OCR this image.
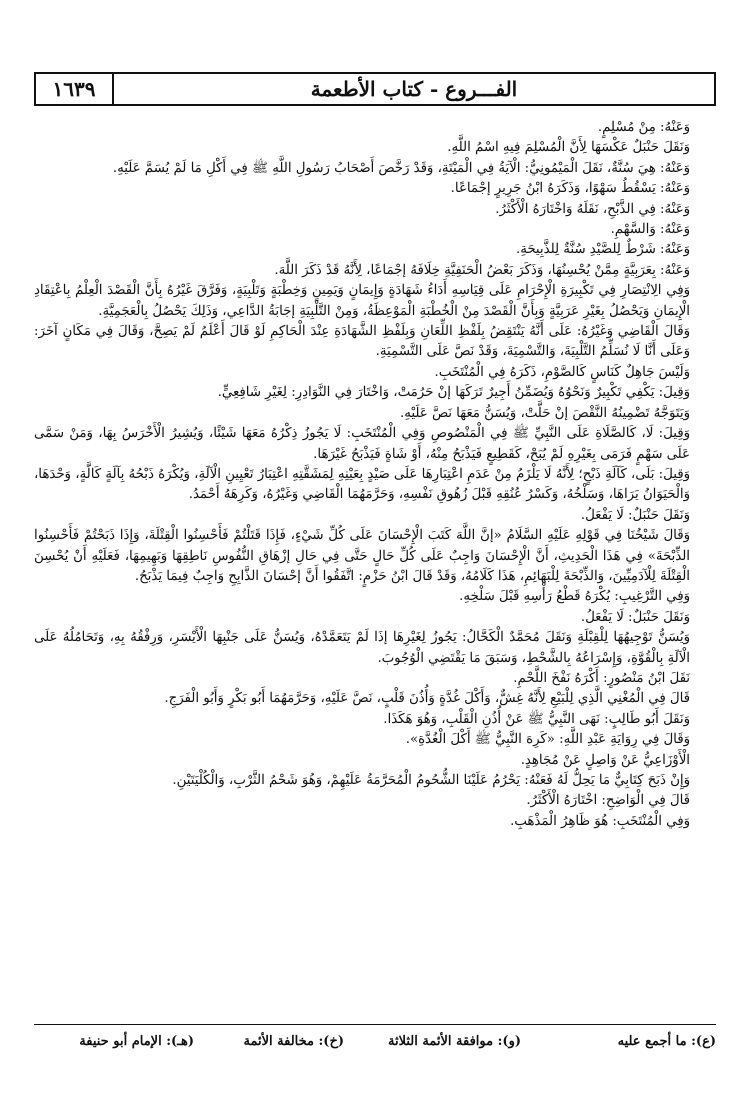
١٦٣٩	الفـــروع - كتاب الأطعمة

وَعَنْهُ: مِنْ مُسْلِمٍ.

وَنَقَلَ حَنْبَلٌ عَكْسَهَا لِأَنَّ الْمُسْلِمَ فِيهِ اسْمُ اللَّهِ.

وَعَنْهُ: هِيَ سُنَّةٌ، نَقَلَ الْمَيْمُونِيُّ: الْآيَةُ فِي الْمَيْتَةِ، وَقَدْ رَخَّصَ أَصْحَابُ رَسُولِ اللَّهِ ﷺ فِي أَكْلِ مَا لَمْ يُسَمَّ عَلَيْهِ.

وَعَنْهُ: يَسْقُطُ سَهْوًا، وَذَكَرَهُ ابْنُ جَرِيرٍ إجْمَاعًا.

وَعَنْهُ: فِي الذَّبْحِ، نَقَلَهُ وَاخْتَارَهُ الْأَكْثَرُ.

وَعَنْهُ: وَالسَّهْمِ.

وَعَنْهُ: شَرْطٌ لِلصَّيْدِ سُنَّةٌ لِلذَّبِيحَةِ.

وَعَنْهُ: بِعَرَبِيَّةٍ مِمَّنْ يُحْسِنُهَا، وَذَكَرَ بَعْضُ الْحَنَفِيَّةِ خِلَافَهُ إجْمَاعًا، لِأَنَّهُ قَدْ ذَكَرَ اللَّهَ.

وَفِي الِانْتِصَارِ فِي تَكْبِيرَةِ الْإِحْرَامِ عَلَى قِيَاسِهِ أَدَاءُ شَهَادَةٍ وَإِيمَانٍ وَيَمِينٍ وَخِطْبَةٍ وَتَلْبِيَةٍ، وَفَرَّقَ غَيْرُهُ بِأَنَّ الْقَصْدَ الْعِلْمُ بِاعْتِقَادِ الْإِيمَانِ وَيَحْصُلُ بِغَيْرِ عَرَبِيَّةٍ وَبِأَنَّ الْقَصْدَ مِنْ الْخُطْبَةِ الْمَوْعِظَةُ، وَمِنْ التَّلْبِيَةِ إجَابَةُ الدَّاعِي، وَذَلِكَ يَحْصُلُ بِالْعَجَمِيَّةِ.

وَقَالَ الْقَاضِي وَغَيْرُهُ: عَلَى أَنَّهُ يَنْتَقِضُ بِلَفْظِ اللِّعَانِ وَبِلَفْظِ الشَّهَادَةِ عِنْدَ الْحَاكِمِ لَوْ قَالَ أَعْلَمُ لَمْ يَصِحَّ، وَقَالَ فِي مَكَانٍ آخَرَ: وَعَلَى أَنَّا لَا نُسَلِّمُ التَّلْبِيَةَ، وَالتَّسْمِيَةَ، وَقَدْ نَصَّ عَلَى التَّسْمِيَةِ.

وَلَيْسَ جَاهِلٌ كَنَاسٍ كَالصَّوْمِ، ذَكَرَهُ فِي الْمُنْتَخَبِ.

وَقِيلَ: يَكْفِي تَكْبِيرٌ وَنَحْوُهُ وَيُضَمِّنُ أَجِيرٌ تَرَكَهَا إنْ حَرُمَتْ، وَاخْتَارَ فِي النَّوَادِرِ: لِغَيْرِ شَافِعِيٍّ.

وَيَتَوَجَّهُ تَضْمِينُهُ النَّقْصَ إنْ حَلَّتْ، وَيُسَنُّ مَعَهَا نَصَّ عَلَيْهِ.

وَقِيلَ: لَا، كَالصَّلَاةِ عَلَى النَّبِيِّ ﷺ فِي الْمَنْصُوصِ وَفِي الْمُنْتَخَبِ: لَا يَجُوزُ ذِكْرُهُ مَعَهَا شَيْئًا، وَيُشِيرُ الْأَخْرَسُ بِهَا، وَمَنْ سَمَّى عَلَى سَهْمٍ فَرَمَى بِغَيْرِهِ لَمْ يُبَحْ، كَقَطِيعٍ فَيَذْبَحُ مِنْهُ، أَوْ شَاةٍ فَيَذْبَحُ غَيْرَهَا.

وَقِيلَ: بَلَى، كَآلَةِ ذَبْحٍ؛ لِأَنَّهُ لَا يَلْزَمُ مِنْ عَدَمِ اعْتِبَارِهَا عَلَى صَيْدٍ بِعَيْنِهِ لِمَشَقَّتِهِ اعْتِبَارُ تَعْيِينِ الْآلَةِ، وَيُكْرَهُ ذَبْحُهُ بِآلَةٍ كَالَّةٍ، وَحْدَهَا، وَالْحَيَوَانُ يَرَاهَا، وَسَلْخُهُ، وَكَسْرُ عُنُقِهِ قَبْلَ زُهُوقِ نَفْسِهِ، وَحَرَّمَهُمَا الْقَاضِي وَغَيْرُهُ، وَكَرِهَهُ أَحْمَدُ.

وَنَقَلَ حَنْبَلٌ: لَا يَفْعَلُ.

وَقَالَ شَيْخُنَا فِي قَوْلِهِ عَلَيْهِ السَّلَامُ «إنَّ اللَّهَ كَتَبَ الْإِحْسَانَ عَلَى كُلِّ شَيْءٍ، فَإِذَا قَتَلْتُمْ فَأَحْسِنُوا الْقِتْلَةَ، وَإِذَا ذَبَحْتُمْ فَأَحْسِنُوا الذِّبْحَةَ» فِي هَذَا الْحَدِيثِ، أَنَّ الْإِحْسَانَ وَاجِبٌ عَلَى كُلِّ حَالٍ حَتَّى فِي حَالِ إزْهَاقِ النُّفُوسِ نَاطِقِهَا وَبَهِيمِهَا، فَعَلَيْهِ أَنْ يُحْسِنَ الْقِتْلَةَ لِلْآدَمِيِّينَ، وَالذِّبْحَةَ لِلْبَهَائِمِ، هَذَا كَلَامُهُ، وَقَدْ قَالَ ابْنُ حَزْمٍ: اتَّفَقُوا أَنَّ إحْسَانَ الذَّابِحِ وَاجِبٌ فِيمَا يَذْبَحُ.

وَفِي التَّرْغِيبِ: يُكْرَهُ قَطْعُ رَأْسِهِ قَبْلَ سَلْخِهِ.

وَنَقَلَ حَنْبَلٌ: لَا يَفْعَلُ.

وَيُسَنُّ تَوْجِيهُهَا لِلْقِبْلَةِ وَنَقَلَ مُحَمَّدٌ الْكَحَّالُ: يَجُوزُ لِغَيْرِهَا إذَا لَمْ يَتَعَمَّدْهُ، وَيُسَنُّ عَلَى جَنْبِهَا الْأَيْسَرِ، وَرِفْقُهُ بِهِ، وَتَحَامُلُهُ عَلَى الْآلَةِ بِالْقُوَّةِ، وَإِسْرَاعُهُ بِالشَّحْطِ، وَسَبَقَ مَا يَقْتَضِي الْوُجُوبَ.

نَقَلَ ابْنُ مَنْصُورٍ: أَكْرَهُ نَفْخَ اللَّحْمِ.

قَالَ فِي الْمُغْنِي الَّذِي لِلْبَيْعِ لِأَنَّهُ غِشٌّ، وَأَكْلَ غُدَّةٍ وَأُذُنَ قَلْبٍ، نَصَّ عَلَيْهِ، وَحَرَّمَهُمَا أَبُو بَكْرٍ وَأَبُو الْفَرَجِ.

وَنَقَلَ أَبُو طَالِبٍ: نَهَى النَّبِيُّ ﷺ عَنْ أُذُنِ الْقَلْبِ، وَهُوَ هَكَذَا.

وَقَالَ فِي رِوَايَةِ عَبْدِ اللَّهِ: «كَرِهَ النَّبِيُّ ﷺ أَكْلَ الْغُدَّةِ».

الْأَوْزَاعِيُّ عَنْ وَاصِلٍ عَنْ مُجَاهِدٍ.

وَإِنْ ذَبَحَ كِتَابِيٌّ مَا يَحِلُّ لَهُ فَعَنْهُ: يَحْرُمُ عَلَيْنَا الشُّحُومُ الْمُحَرَّمَةُ عَلَيْهِمْ، وَهُوَ شَحْمُ الثَّرْبِ، وَالْكُلْيَتَيْنِ.

قَالَ فِي الْوَاضِحِ: اخْتَارَهُ الْأَكْثَرُ.

وَفِي الْمُنْتَخَبِ: هُوَ ظَاهِرُ الْمَذْهَبِ.

(ع): ما أجمع عليه
(و): موافقة الأئمة الثلاثة
(خ): مخالفة الأئمة
(هـ): الإمام أبو حنيفة
